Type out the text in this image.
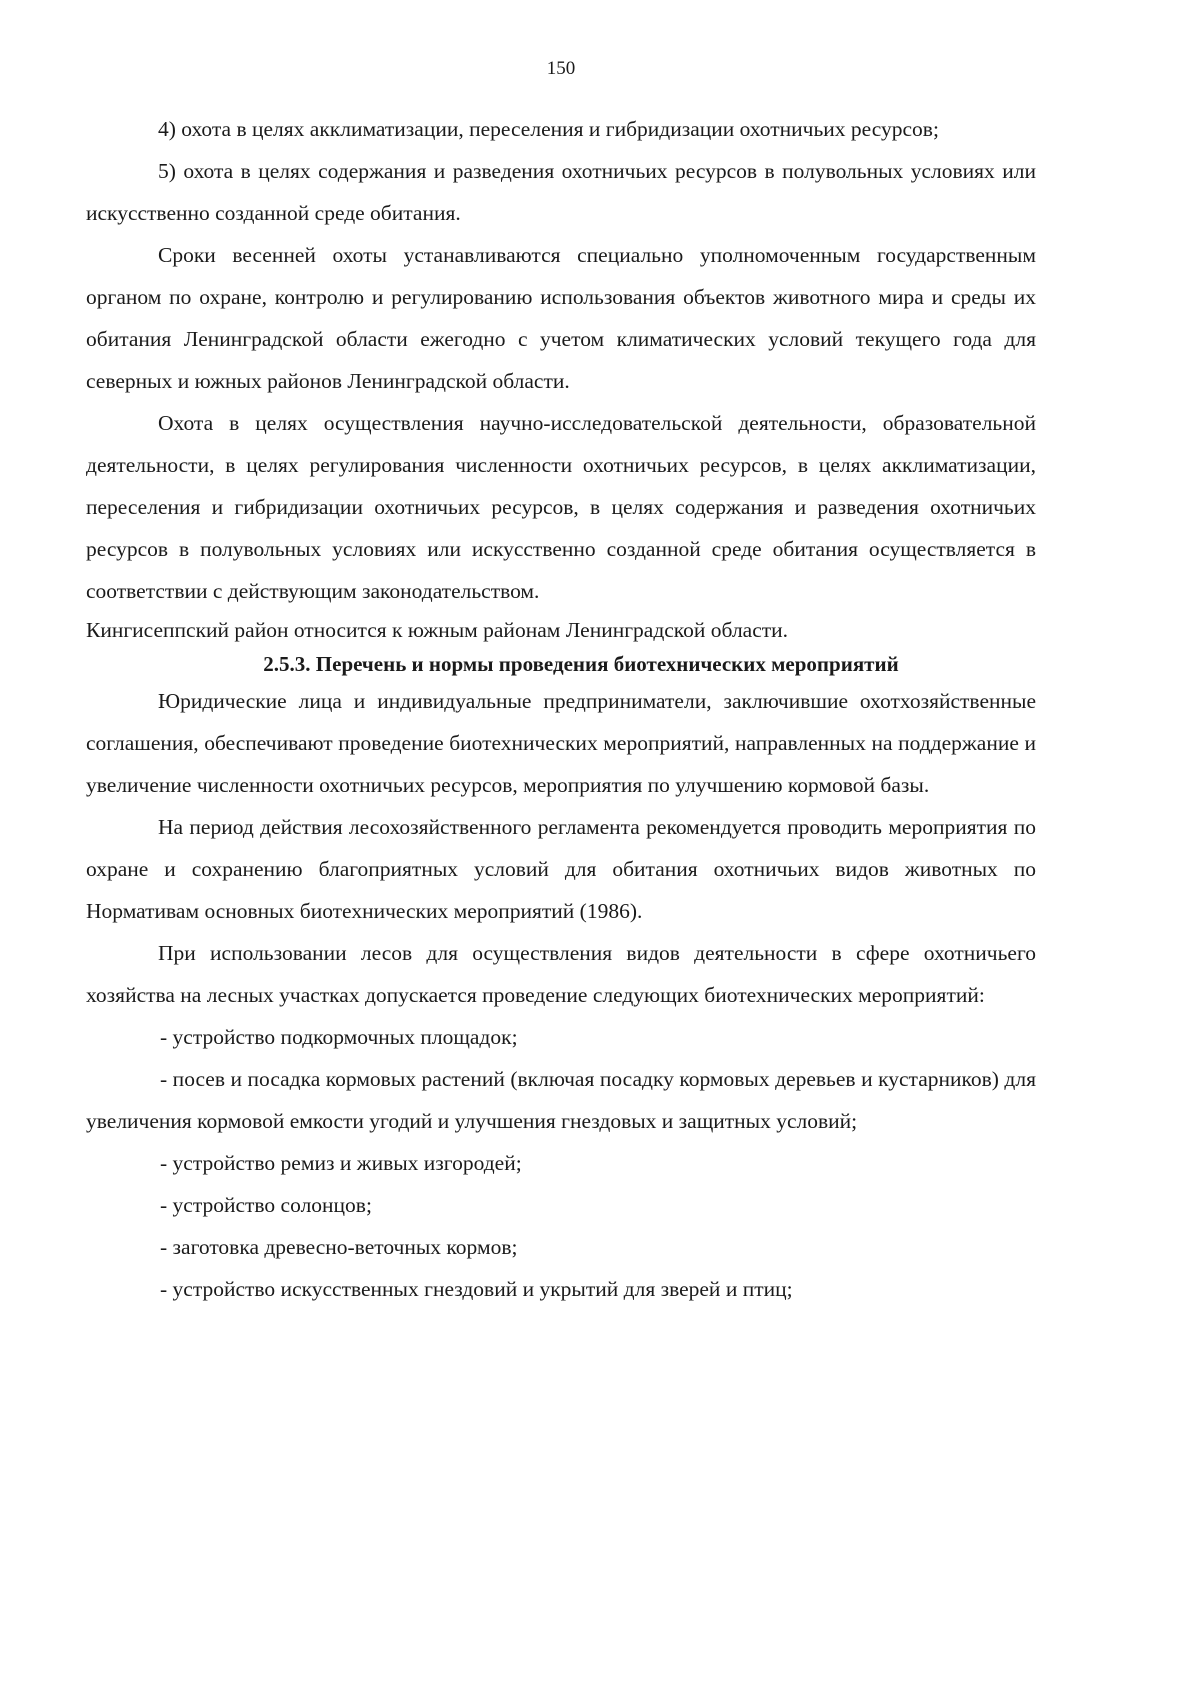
150

4) охота в целях акклиматизации, переселения и гибридизации охотничьих ресурсов;

5) охота в целях содержания и разведения охотничьих ресурсов в полувольных условиях или искусственно созданной среде обитания.

Сроки весенней охоты устанавливаются специально уполномоченным государственным органом по охране, контролю и регулированию использования объектов животного мира и среды их обитания Ленинградской области ежегодно с учетом климатических условий текущего года для северных и южных районов Ленинградской области.

Охота в целях осуществления научно-исследовательской деятельности, образовательной деятельности, в целях регулирования численности охотничьих ресурсов, в целях акклиматизации, переселения и гибридизации охотничьих ресурсов, в целях содержания и разведения охотничьих ресурсов в полувольных условиях или искусственно созданной среде обитания осуществляется в соответствии с действующим законодательством.

Кингисеппский район относится к южным районам Ленинградской области.

2.5.3. Перечень и нормы проведения биотехнических мероприятий

Юридические лица и индивидуальные предприниматели, заключившие охотхозяйственные соглашения, обеспечивают проведение биотехнических мероприятий, направленных на поддержание и увеличение численности охотничьих ресурсов, мероприятия по улучшению кормовой базы.

На период действия лесохозяйственного регламента рекомендуется проводить мероприятия по охране и сохранению благоприятных условий для обитания охотничьих видов животных по Нормативам основных биотехнических мероприятий (1986).

При использовании лесов для осуществления видов деятельности в сфере охотничьего хозяйства на лесных участках допускается проведение следующих биотехнических мероприятий:

- устройство подкормочных площадок;

- посев и посадка кормовых растений (включая посадку кормовых деревьев и кустарников) для увеличения кормовой емкости угодий и улучшения гнездовых и защитных условий;

- устройство ремиз и живых изгородей;

- устройство солонцов;

- заготовка древесно-веточных кормов;

- устройство искусственных гнездовий и укрытий для зверей и птиц;
